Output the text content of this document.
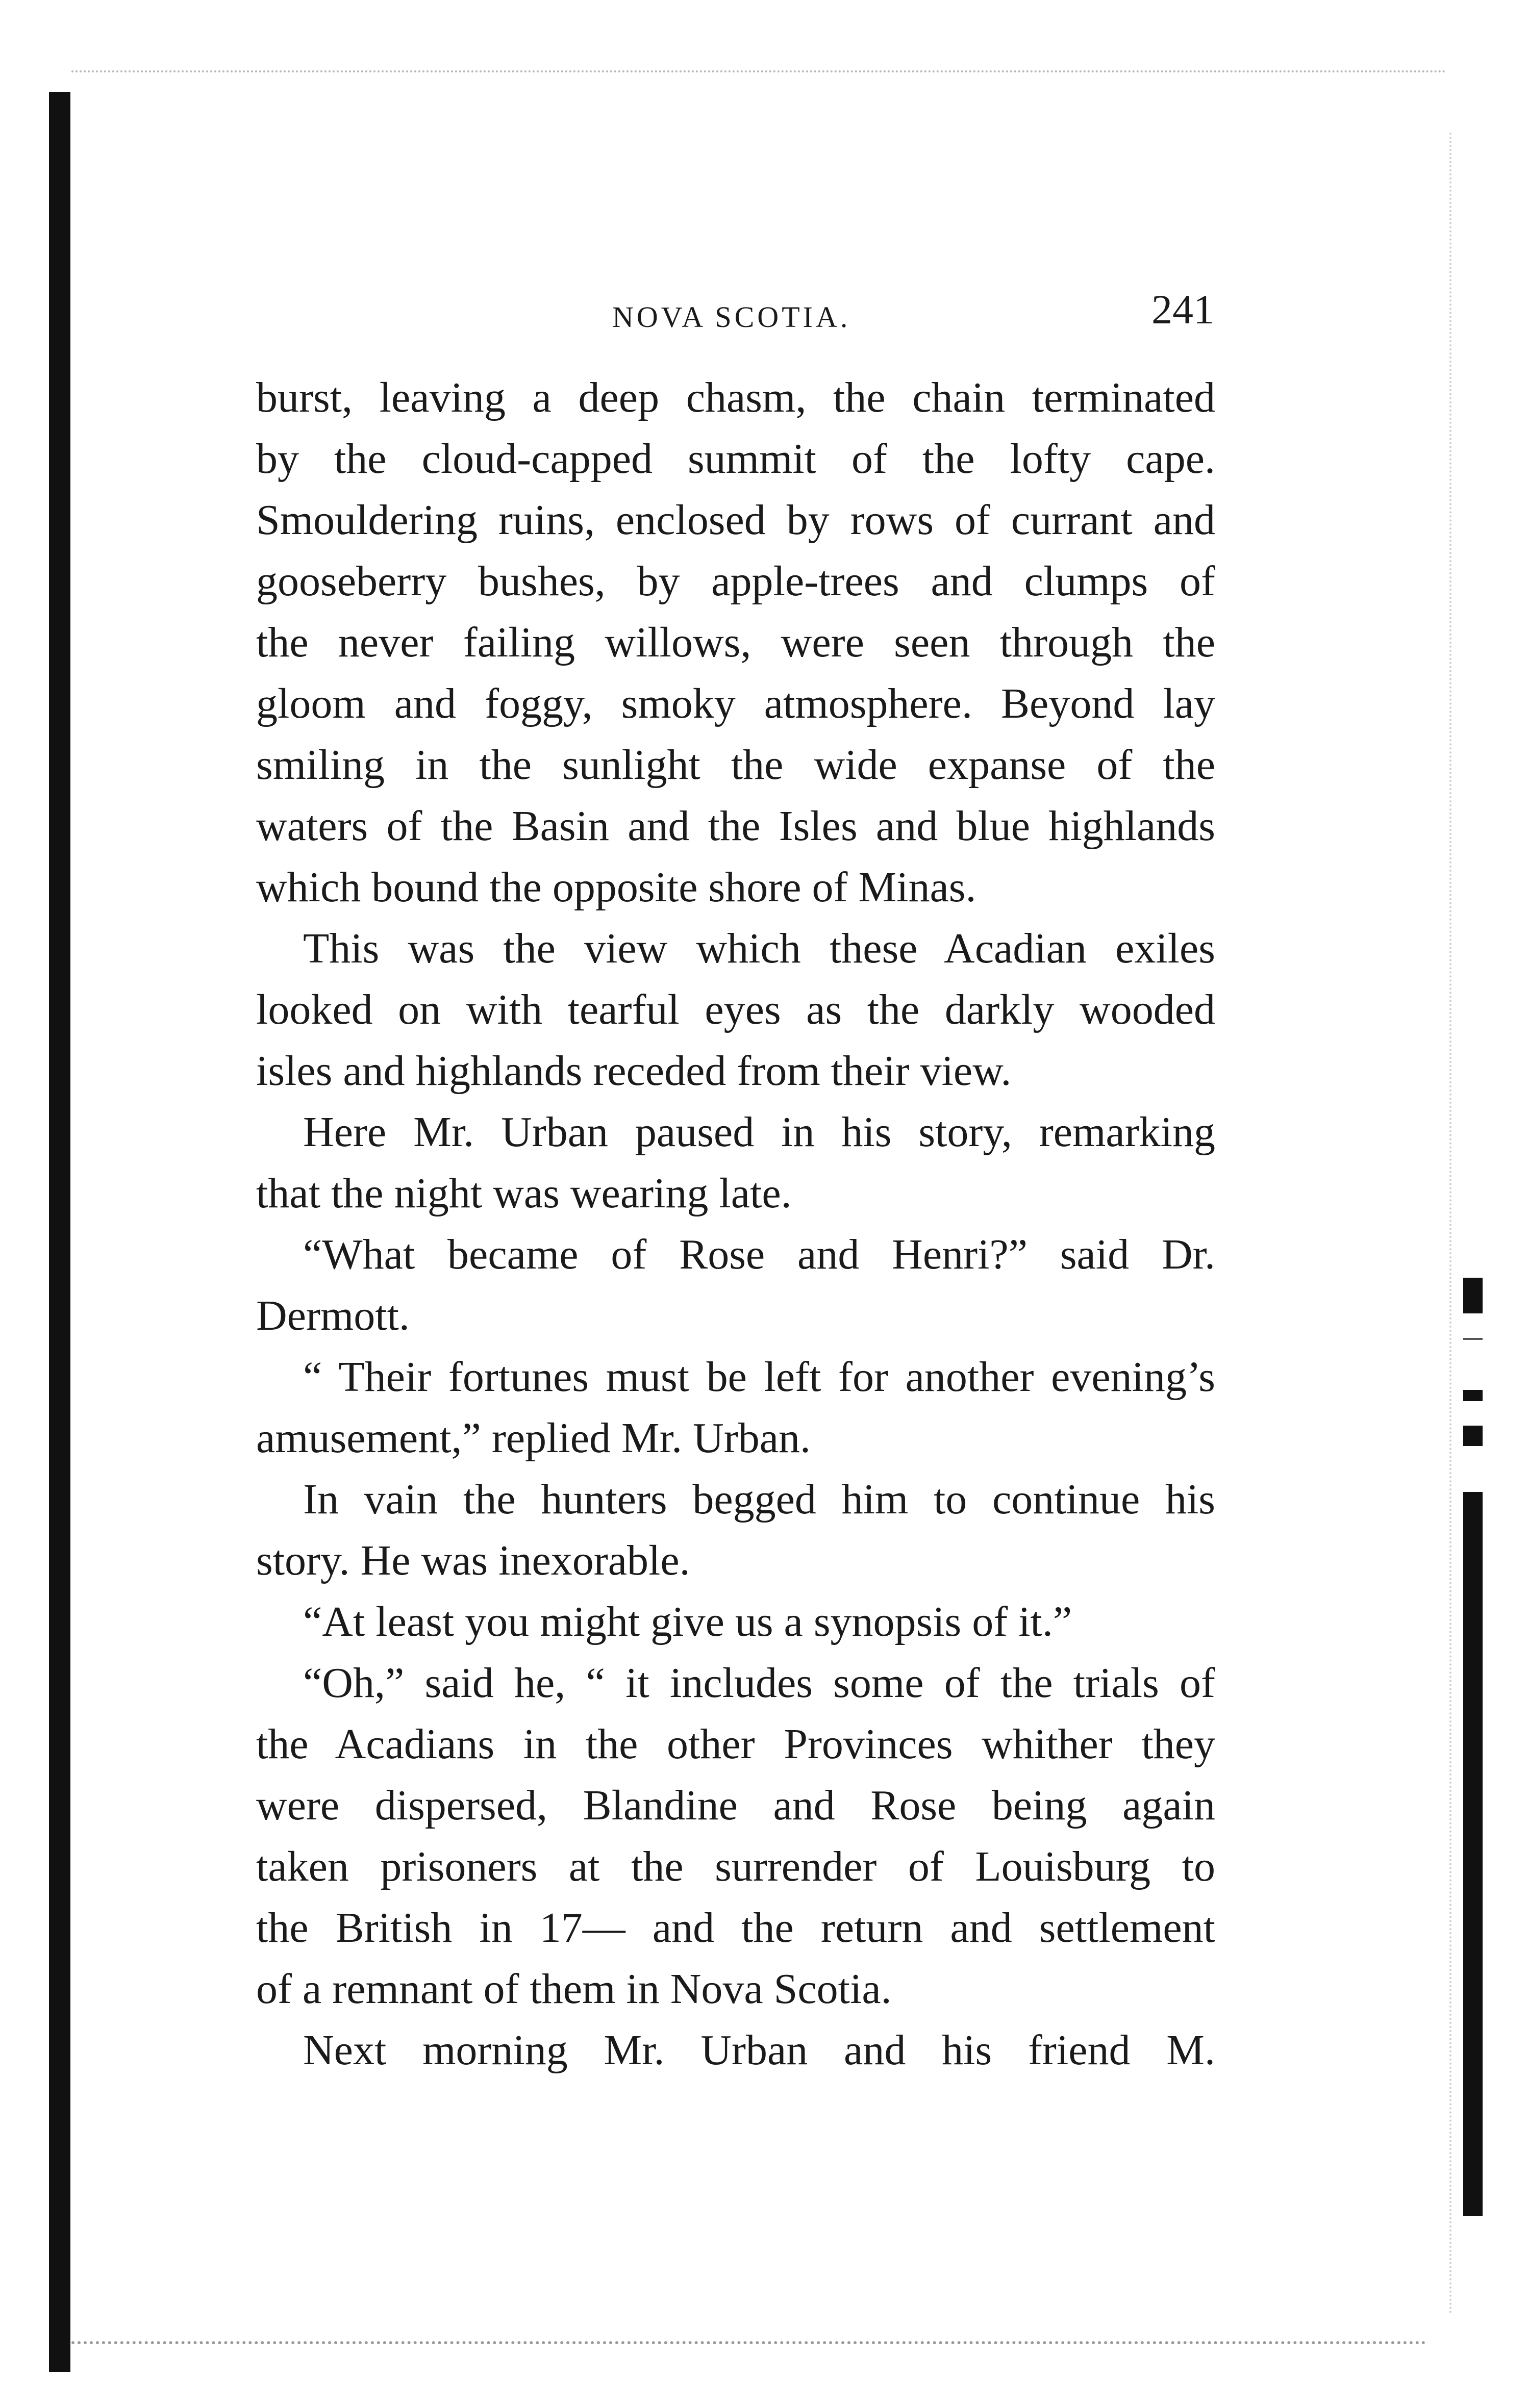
NOVA SCOTIA.	241
burst, leaving a deep chasm, the chain terminated
by the cloud-capped summit of the lofty cape.
Smouldering ruins, enclosed by rows of currant and
gooseberry bushes, by apple-trees and clumps of
the never failing willows, were seen through the
gloom and foggy, smoky atmosphere. Beyond lay
smiling in the sunlight the wide expanse of the
waters of the Basin and the Isles and blue highlands
which bound the opposite shore of Minas.
This was the view which these Acadian exiles
looked on with tearful eyes as the darkly wooded
isles and highlands receded from their view.
Here Mr. Urban paused in his story, remarking
that the night was wearing late.
“What became of Rose and Henri?” said Dr.
Dermott.
“ Their fortunes must be left for another evening’s
amusement,” replied Mr. Urban.
In vain the hunters begged him to continue his
story. He was inexorable.
“At least you might give us a synopsis of it.”
“Oh,” said he, “ it includes some of the trials of
the Acadians in the other Provinces whither they
were dispersed, Blandine and Rose being again
taken prisoners at the surrender of Louisburg to
the British in 17— and the return and settlement
of a remnant of them in Nova Scotia.
Next morning Mr. Urban and his friend M.
